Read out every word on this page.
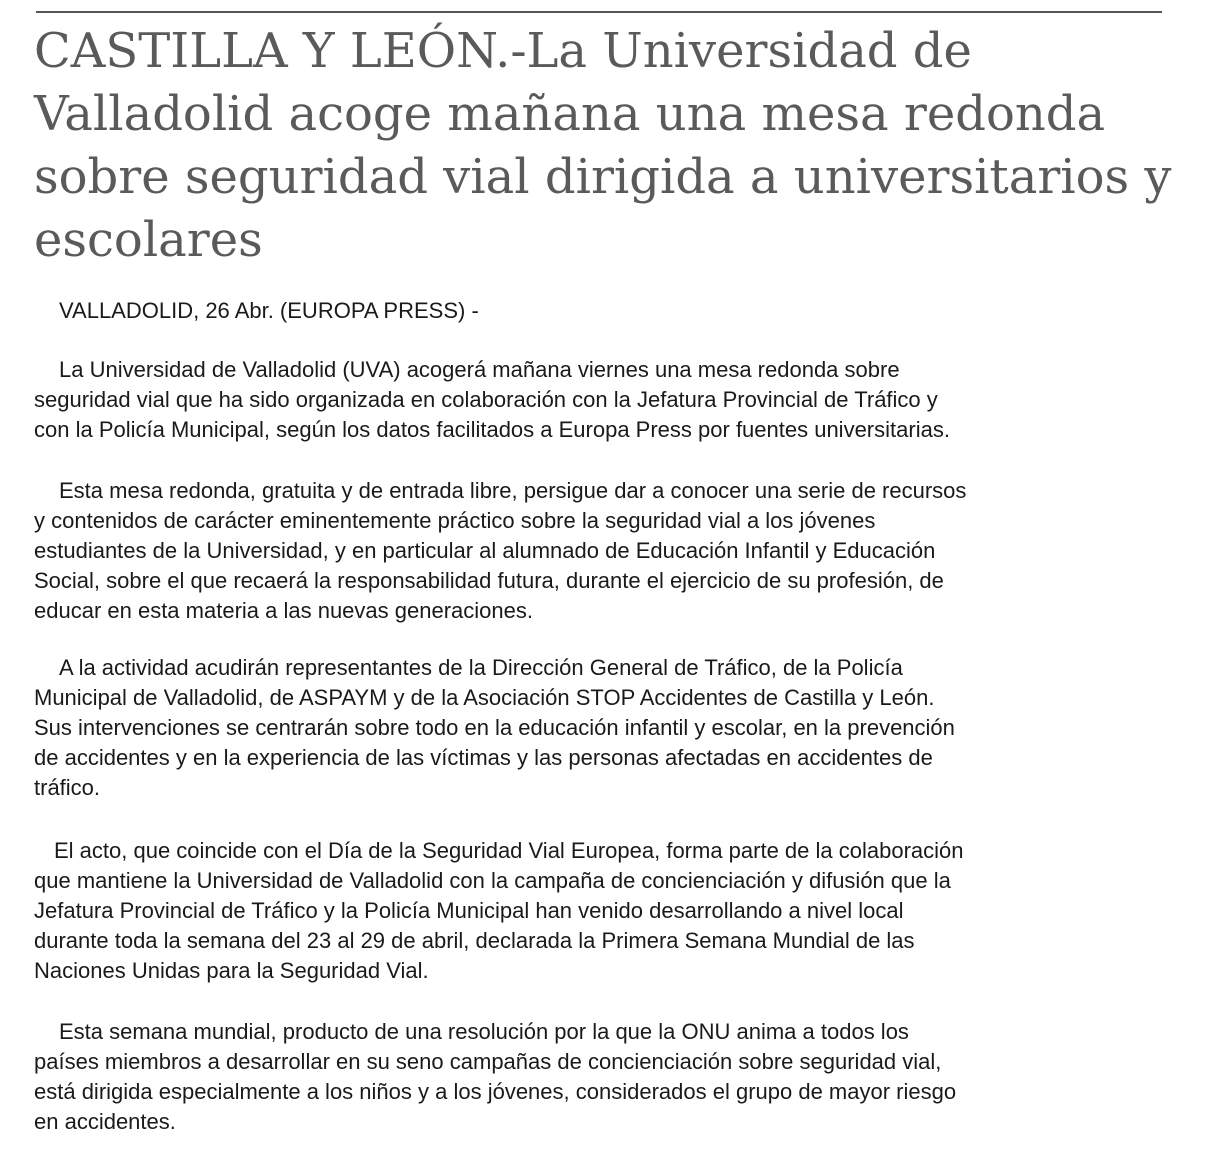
CASTILLA Y LEÓN.-La Universidad de
Valladolid acoge mañana una mesa redonda
sobre seguridad vial dirigida a universitarios y
escolares

VALLADOLID, 26 Abr. (EUROPA PRESS) -

La Universidad de Valladolid (UVA) acogerá mañana viernes una mesa redonda sobre
seguridad vial que ha sido organizada en colaboración con la Jefatura Provincial de Tráfico y
con la Policía Municipal, según los datos facilitados a Europa Press por fuentes universitarias.

Esta mesa redonda, gratuita y de entrada libre, persigue dar a conocer una serie de recursos
y contenidos de carácter eminentemente práctico sobre la seguridad vial a los jóvenes
estudiantes de la Universidad, y en particular al alumnado de Educación Infantil y Educación
Social, sobre el que recaerá la responsabilidad futura, durante el ejercicio de su profesión, de
educar en esta materia a las nuevas generaciones.

A la actividad acudirán representantes de la Dirección General de Tráfico, de la Policía
Municipal de Valladolid, de ASPAYM y de la Asociación STOP Accidentes de Castilla y León.
Sus intervenciones se centrarán sobre todo en la educación infantil y escolar, en la prevención
de accidentes y en la experiencia de las víctimas y las personas afectadas en accidentes de
tráfico.

El acto, que coincide con el Día de la Seguridad Vial Europea, forma parte de la colaboración
que mantiene la Universidad de Valladolid con la campaña de concienciación y difusión que la
Jefatura Provincial de Tráfico y la Policía Municipal han venido desarrollando a nivel local
durante toda la semana del 23 al 29 de abril, declarada la Primera Semana Mundial de las
Naciones Unidas para la Seguridad Vial.

Esta semana mundial, producto de una resolución por la que la ONU anima a todos los
países miembros a desarrollar en su seno campañas de concienciación sobre seguridad vial,
está dirigida especialmente a los niños y a los jóvenes, considerados el grupo de mayor riesgo
en accidentes.
